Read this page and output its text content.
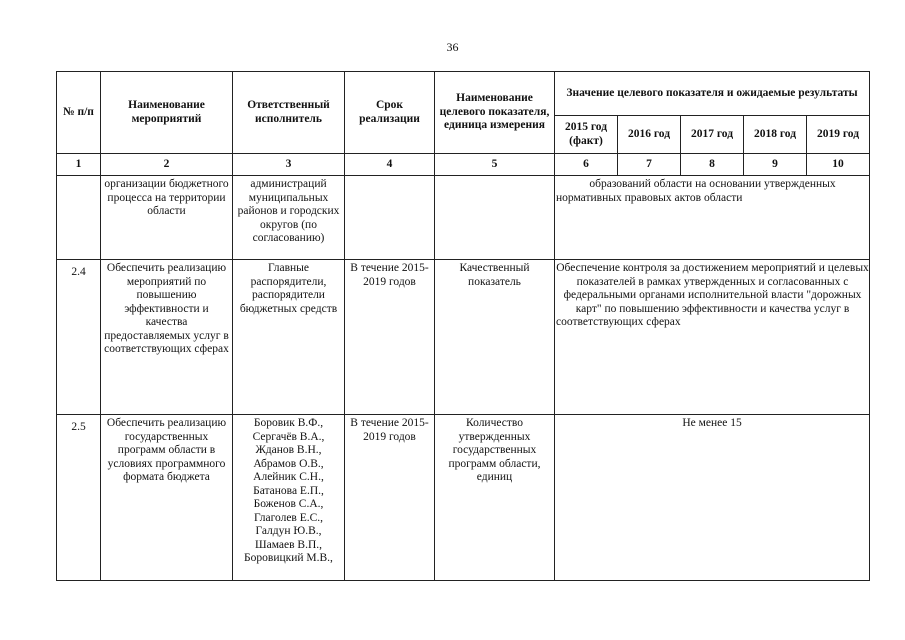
36
№ п/п	Наименование мероприятий	Ответственный исполнитель	Срок реализации	Наименование целевого показателя, единица измерения	Значение целевого показателя и ожидаемые результаты				
					2015 год (факт)	2016 год	2017 год	2018 год	2019 год
1	2	3	4	5	6	7	8	9	10
	организации бюджетного процесса на территории области	администраций муниципальных районов и городских округов (по согласованию)			образований области на основании утвержденных нормативных правовых актов области				
2.4	Обеспечить реализацию мероприятий по повышению эффективности и качества предоставляемых услуг в соответствующих сферах	Главные распорядители, распорядители бюджетных средств	В течение 2015-2019 годов	Качественный показатель	Обеспечение контроля за достижением мероприятий и целевых показателей в рамках утвержденных и согласованных с федеральными органами исполнительной власти "дорожных карт" по повышению эффективности и качества услуг в соответствующих сферах				
2.5	Обеспечить реализацию государственных программ области в условиях программного формата бюджета	Боровик В.Ф., Сергачёв В.А., Жданов В.Н., Абрамов О.В., Алейник С.Н., Батанова Е.П., Боженов С.А., Глаголев Е.С., Галдун Ю.В., Шамаев В.П., Боровицкий М.В.,	В течение 2015-2019 годов	Количество утвержденных государственных программ области, единиц	Не менее 15				
